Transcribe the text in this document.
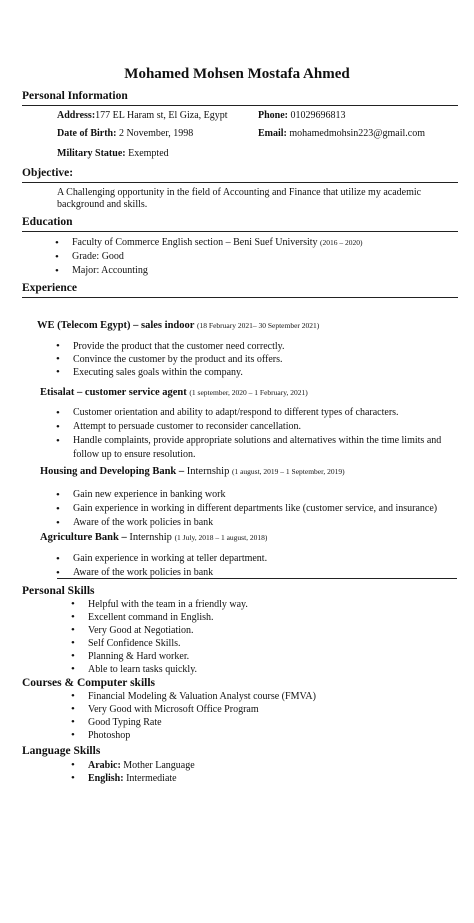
Mohamed Mohsen Mostafa Ahmed
Personal Information
Address:177 EL Haram st, El Giza, Egypt	Phone: 01029696813
Date of Birth: 2 November, 1998	Email: mohamedmohsin223@gmail.com
Military Statue: Exempted
Objective:
A Challenging opportunity in the field of Accounting and Finance that utilize my academic background and skills.
Education
• Faculty of Commerce English section – Beni Suef University (2016 – 2020)
• Grade: Good
• Major: Accounting
Experience
WE (Telecom Egypt) – sales indoor (18 February 2021– 30 September 2021)
• Provide the product that the customer need correctly.
• Convince the customer by the product and its offers.
• Executing sales goals within the company.
Etisalat – customer service agent (1 september, 2020 – 1 February, 2021)
• Customer orientation and ability to adapt/respond to different types of characters.
• Attempt to persuade customer to reconsider cancellation.
• Handle complaints, provide appropriate solutions and alternatives within the time limits and follow up to ensure resolution.
Housing and Developing Bank – Internship (1 august, 2019 – 1 September, 2019)
• Gain new experience in banking work
• Gain experience in working in different departments like (customer service, and insurance)
• Aware of the work policies in bank
Agriculture Bank – Internship (1 July, 2018 – 1 august, 2018)
• Gain experience in working at teller department.
• Aware of the work policies in bank
Personal Skills
• Helpful with the team in a friendly way.
• Excellent command in English.
• Very Good at Negotiation.
• Self Confidence Skills.
• Planning & Hard worker.
• Able to learn tasks quickly.
Courses & Computer skills
• Financial Modeling & Valuation Analyst course (FMVA)
• Very Good with Microsoft Office Program
• Good Typing Rate
• Photoshop
Language Skills
• Arabic: Mother Language
• English: Intermediate
